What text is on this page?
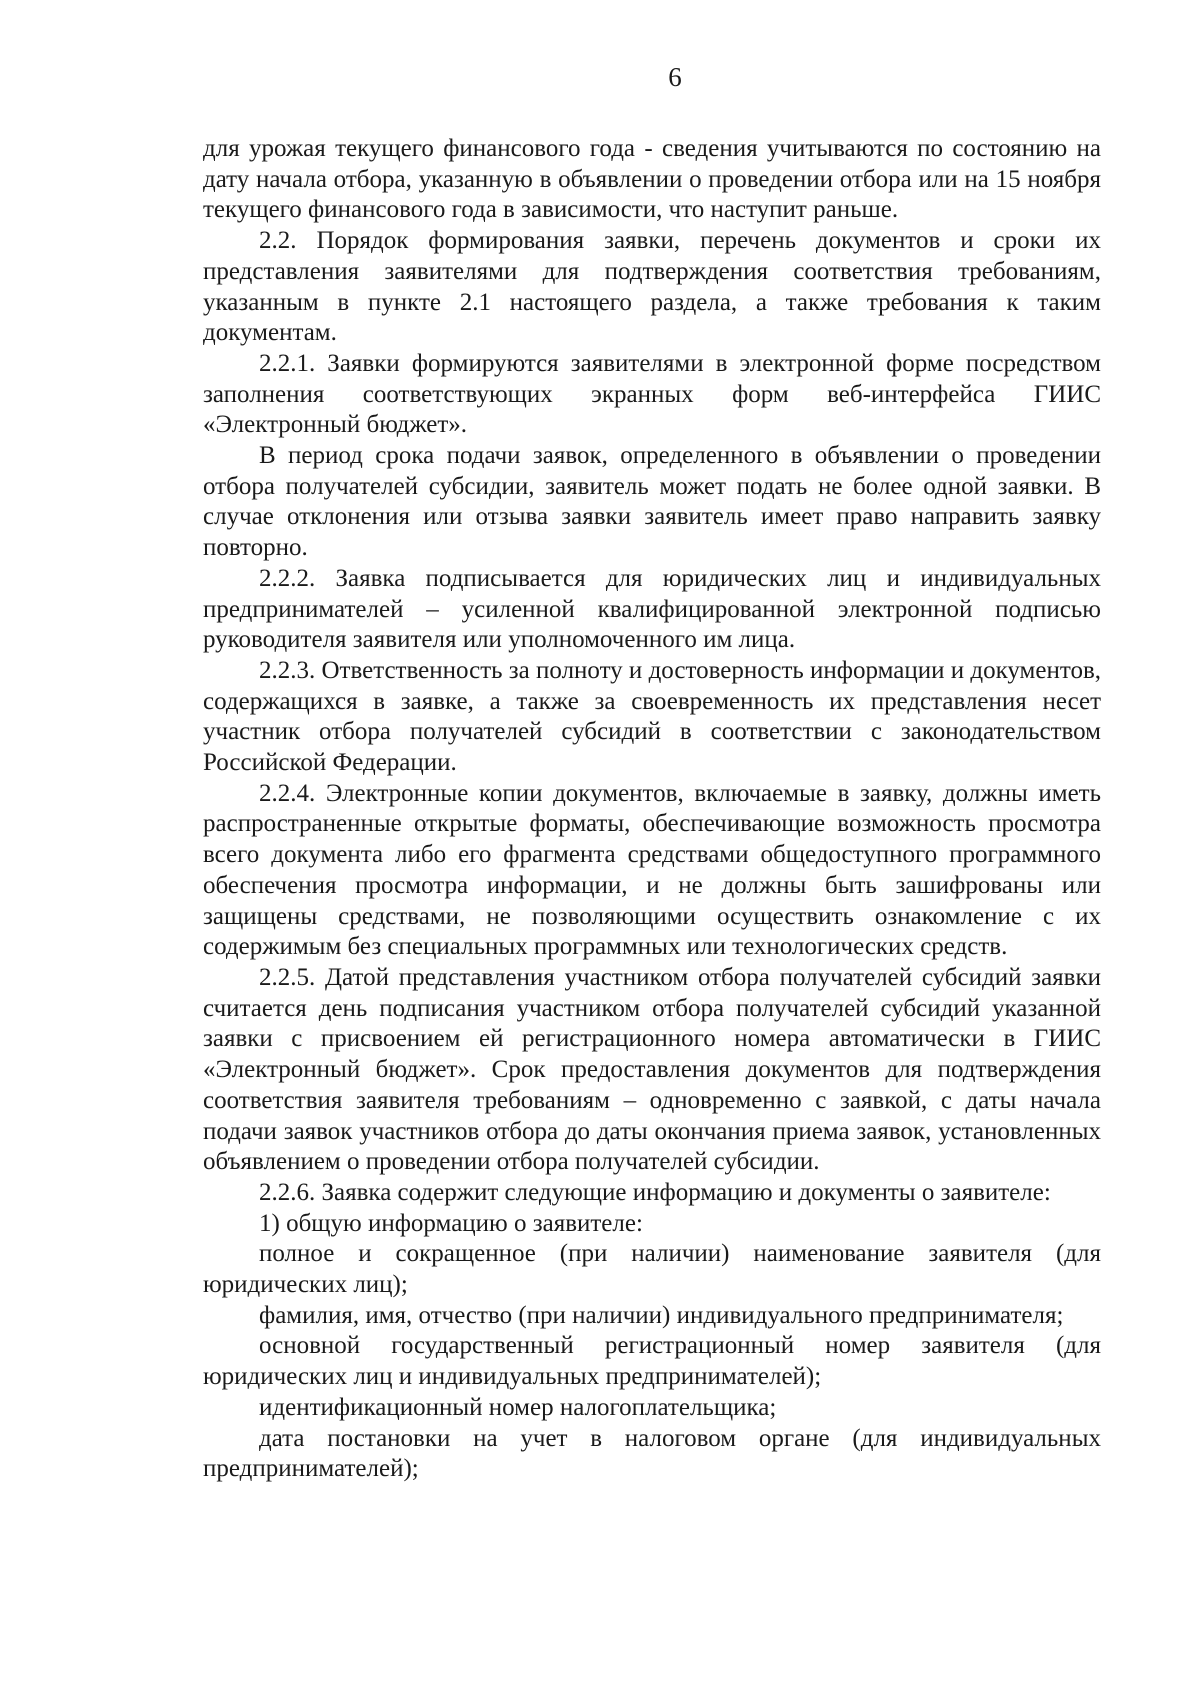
6

для урожая текущего финансового года - сведения учитываются по состоянию на дату начала отбора, указанную в объявлении о проведении отбора или на 15 ноября текущего финансового года в зависимости, что наступит раньше.

2.2. Порядок формирования заявки, перечень документов и сроки их представления заявителями для подтверждения соответствия требованиям, указанным в пункте 2.1 настоящего раздела, а также требования к таким документам.

2.2.1. Заявки формируются заявителями в электронной форме посредством заполнения соответствующих экранных форм веб-интерфейса ГИИС «Электронный бюджет».

В период срока подачи заявок, определенного в объявлении о проведении отбора получателей субсидии, заявитель может подать не более одной заявки. В случае отклонения или отзыва заявки заявитель имеет право направить заявку повторно.

2.2.2. Заявка подписывается для юридических лиц и индивидуальных предпринимателей – усиленной квалифицированной электронной подписью руководителя заявителя или уполномоченного им лица.

2.2.3. Ответственность за полноту и достоверность информации и документов, содержащихся в заявке, а также за своевременность их представления несет участник отбора получателей субсидий в соответствии с законодательством Российской Федерации.

2.2.4. Электронные копии документов, включаемые в заявку, должны иметь распространенные открытые форматы, обеспечивающие возможность просмотра всего документа либо его фрагмента средствами общедоступного программного обеспечения просмотра информации, и не должны быть зашифрованы или защищены средствами, не позволяющими осуществить ознакомление с их содержимым без специальных программных или технологических средств.

2.2.5. Датой представления участником отбора получателей субсидий заявки считается день подписания участником отбора получателей субсидий указанной заявки с присвоением ей регистрационного номера автоматически в ГИИС «Электронный бюджет». Срок предоставления документов для подтверждения соответствия заявителя требованиям – одновременно с заявкой, с даты начала подачи заявок участников отбора до даты окончания приема заявок, установленных объявлением о проведении отбора получателей субсидии.

2.2.6. Заявка содержит следующие информацию и документы о заявителе:

1) общую информацию о заявителе:

полное и сокращенное (при наличии) наименование заявителя (для юридических лиц);

фамилия, имя, отчество (при наличии) индивидуального предпринимателя;

основной государственный регистрационный номер заявителя (для юридических лиц и индивидуальных предпринимателей);

идентификационный номер налогоплательщика;

дата постановки на учет в налоговом органе (для индивидуальных предпринимателей);
